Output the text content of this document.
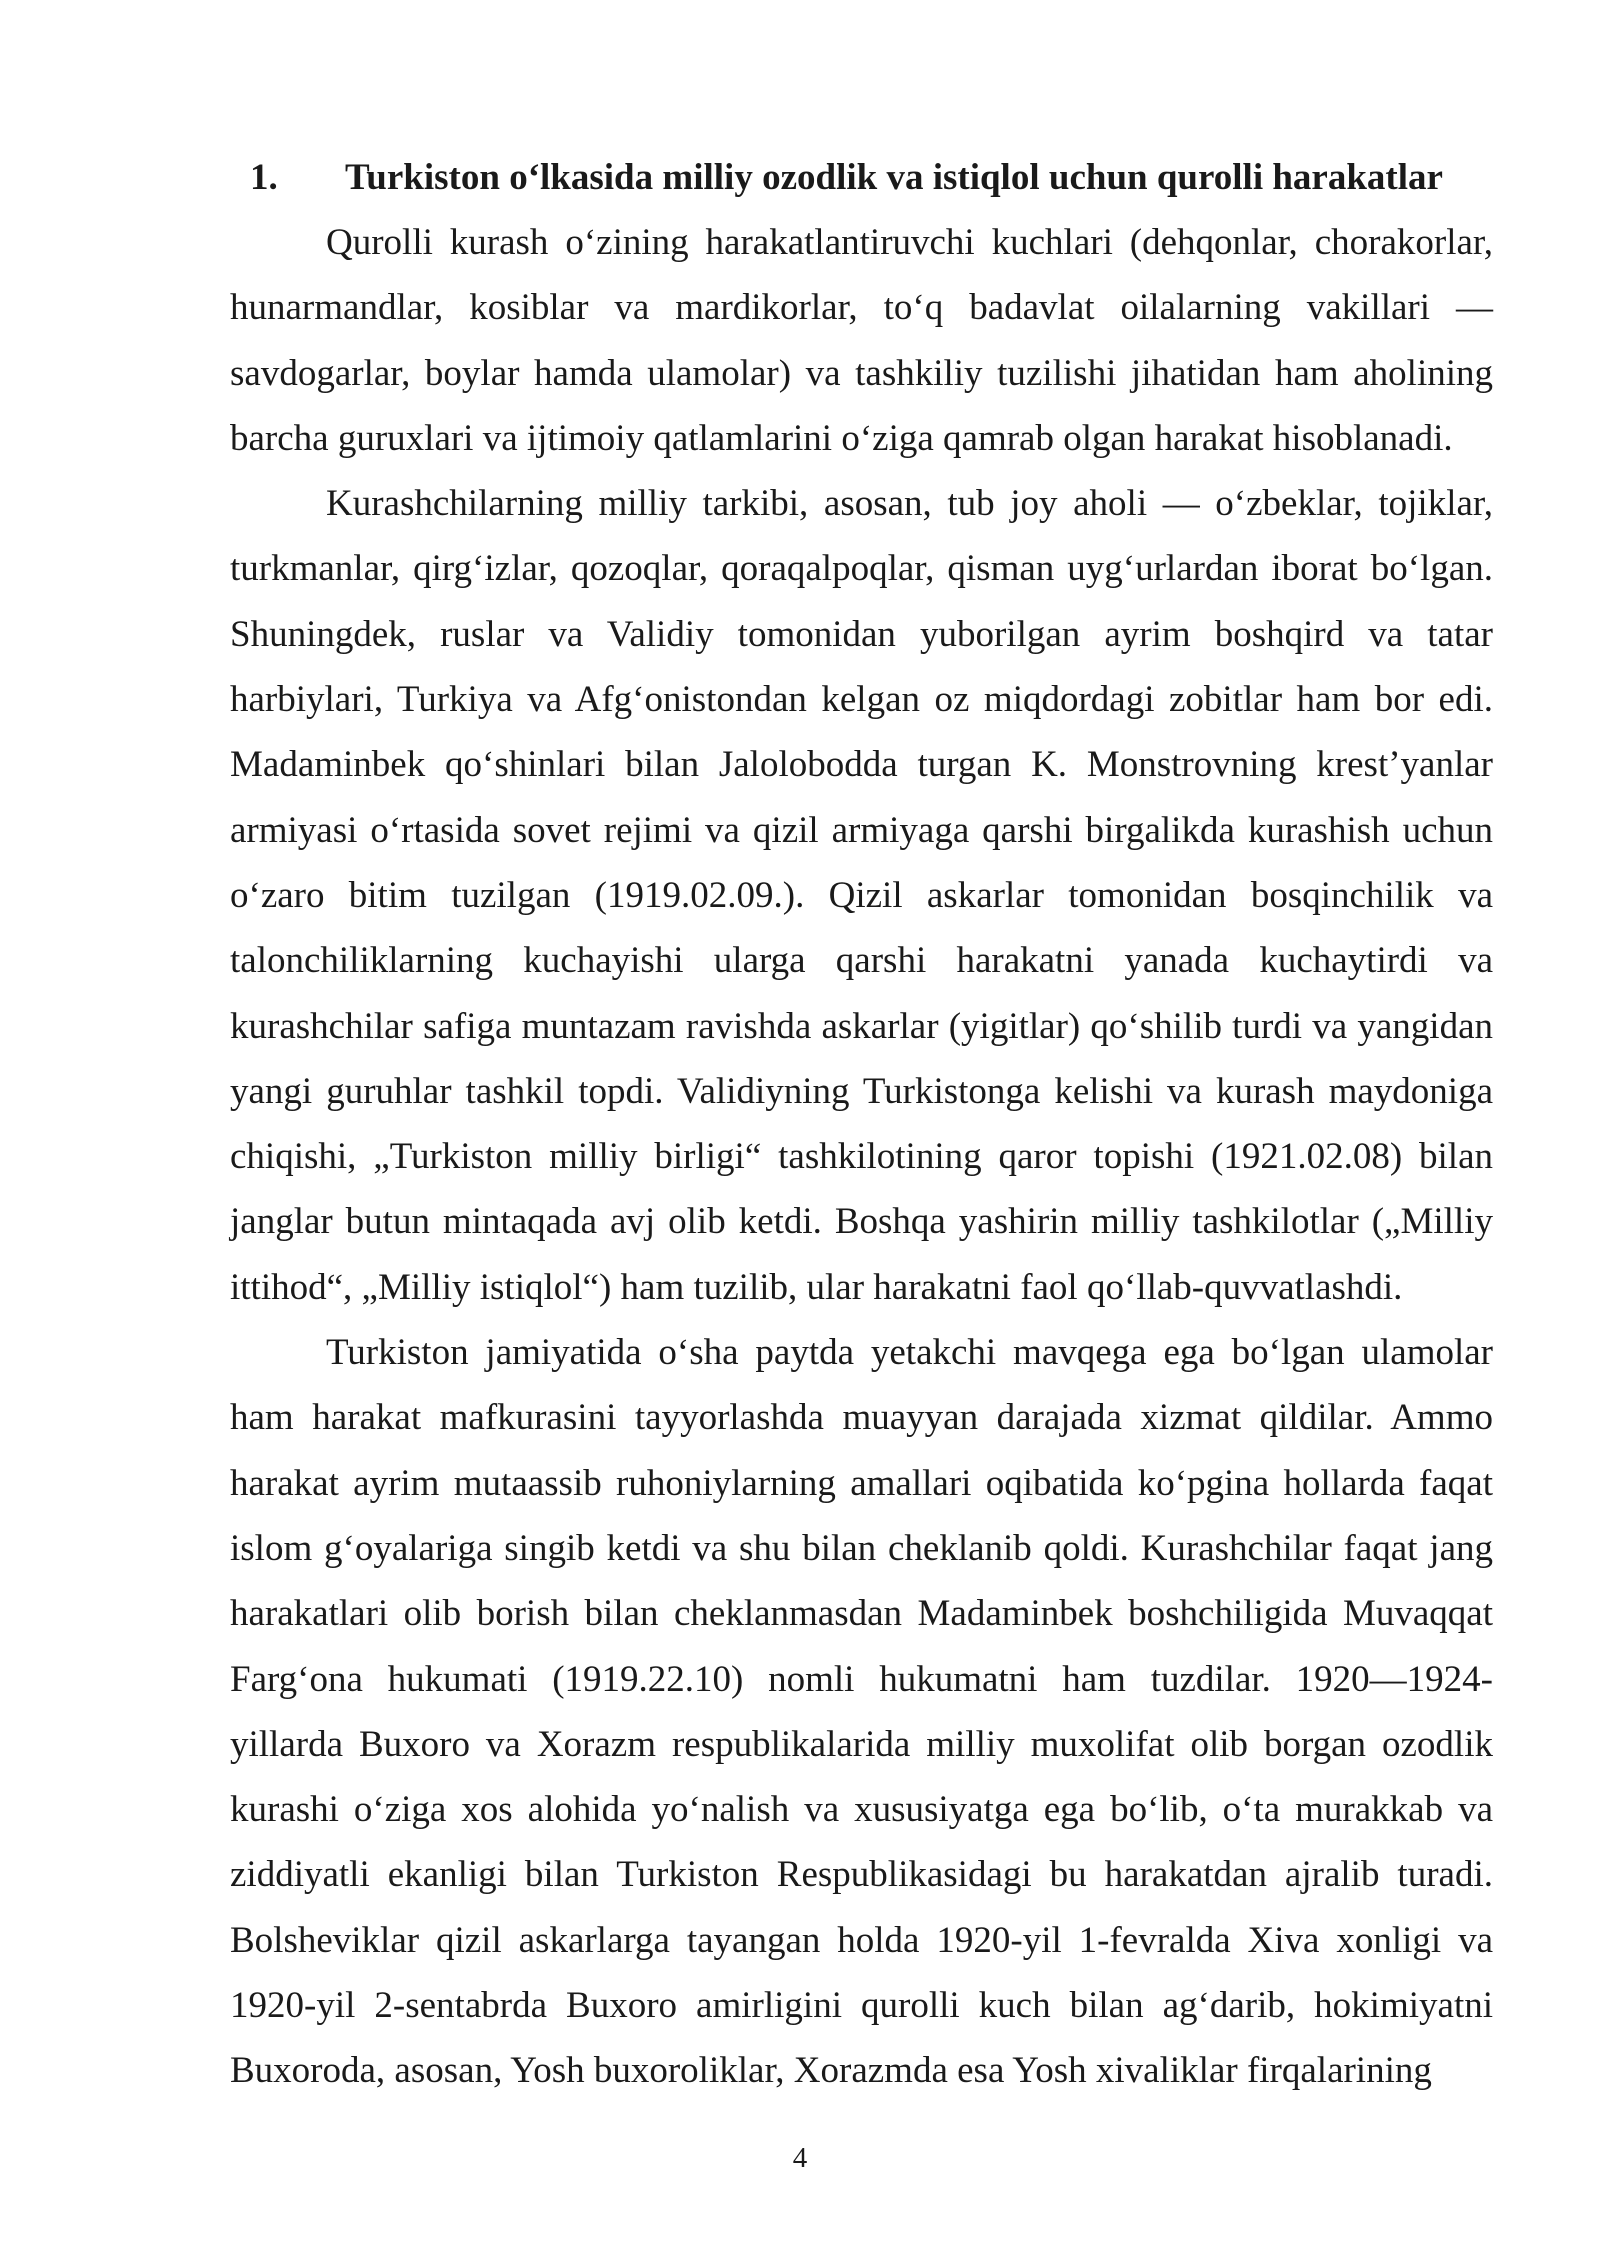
1. Turkiston o‘lkasida milliy ozodlik va istiqlol uchun qurolli harakatlar

Qurolli kurash o‘zining harakatlantiruvchi kuchlari (dehqonlar, chorakorlar, hunarmandlar, kosiblar va mardikorlar, to‘q badavlat oilalarning vakillari — savdogarlar, boylar hamda ulamolar) va tashkiliy tuzilishi jihatidan ham aholining barcha guruxlari va ijtimoiy qatlamlarini o‘ziga qamrab olgan harakat hisoblanadi.

Kurashchilarning milliy tarkibi, asosan, tub joy aholi — o‘zbeklar, tojiklar, turkmanlar, qirg‘izlar, qozoqlar, qoraqalpoqlar, qisman uyg‘urlardan iborat bo‘lgan. Shuningdek, ruslar va Validiy tomonidan yuborilgan ayrim boshqird va tatar harbiylari, Turkiya va Afg‘onistondan kelgan oz miqdordagi zobitlar ham bor edi. Madaminbek qo‘shinlari bilan Jalolobodda turgan K. Monstrovning krest’yanlar armiyasi o‘rtasida sovet rejimi va qizil armiyaga qarshi birgalikda kurashish uchun o‘zaro bitim tuzilgan (1919.02.09.). Qizil askarlar tomonidan bosqinchilik va talonchiliklarning kuchayishi ularga qarshi harakatni yanada kuchaytirdi va kurashchilar safiga muntazam ravishda askarlar (yigitlar) qo‘shilib turdi va yangidan yangi guruhlar tashkil topdi. Validiyning Turkistonga kelishi va kurash maydoniga chiqishi, „Turkiston milliy birligi“ tashkilotining qaror topishi (1921.02.08) bilan janglar butun mintaqada avj olib ketdi. Boshqa yashirin milliy tashkilotlar („Milliy ittihod“, „Milliy istiqlol“) ham tuzilib, ular harakatni faol qo‘llab-quvvatlashdi.

Turkiston jamiyatida o‘sha paytda yetakchi mavqega ega bo‘lgan ulamolar ham harakat mafkurasini tayyorlashda muayyan darajada xizmat qildilar. Ammo harakat ayrim mutaassib ruhoniylarning amallari oqibatida ko‘pgina hollarda faqat islom g‘oyalariga singib ketdi va shu bilan cheklanib qoldi. Kurashchilar faqat jang harakatlari olib borish bilan cheklanmasdan Madaminbek boshchiligida Muvaqqat Farg‘ona hukumati (1919.22.10) nomli hukumatni ham tuzdilar. 1920—1924-yillarda Buxoro va Xorazm respublikalarida milliy muxolifat olib borgan ozodlik kurashi o‘ziga xos alohida yo‘nalish va xususiyatga ega bo‘lib, o‘ta murakkab va ziddiyatli ekanligi bilan Turkiston Respublikasidagi bu harakatdan ajralib turadi. Bolsheviklar qizil askarlarga tayangan holda 1920-yil 1-fevralda Xiva xonligi va 1920-yil 2-sentabrda Buxoro amirligini qurolli kuch bilan ag‘darib, hokimiyatni Buxoroda, asosan, Yosh buxoroliklar, Xorazmda esa Yosh xivaliklar firqalarining

4
